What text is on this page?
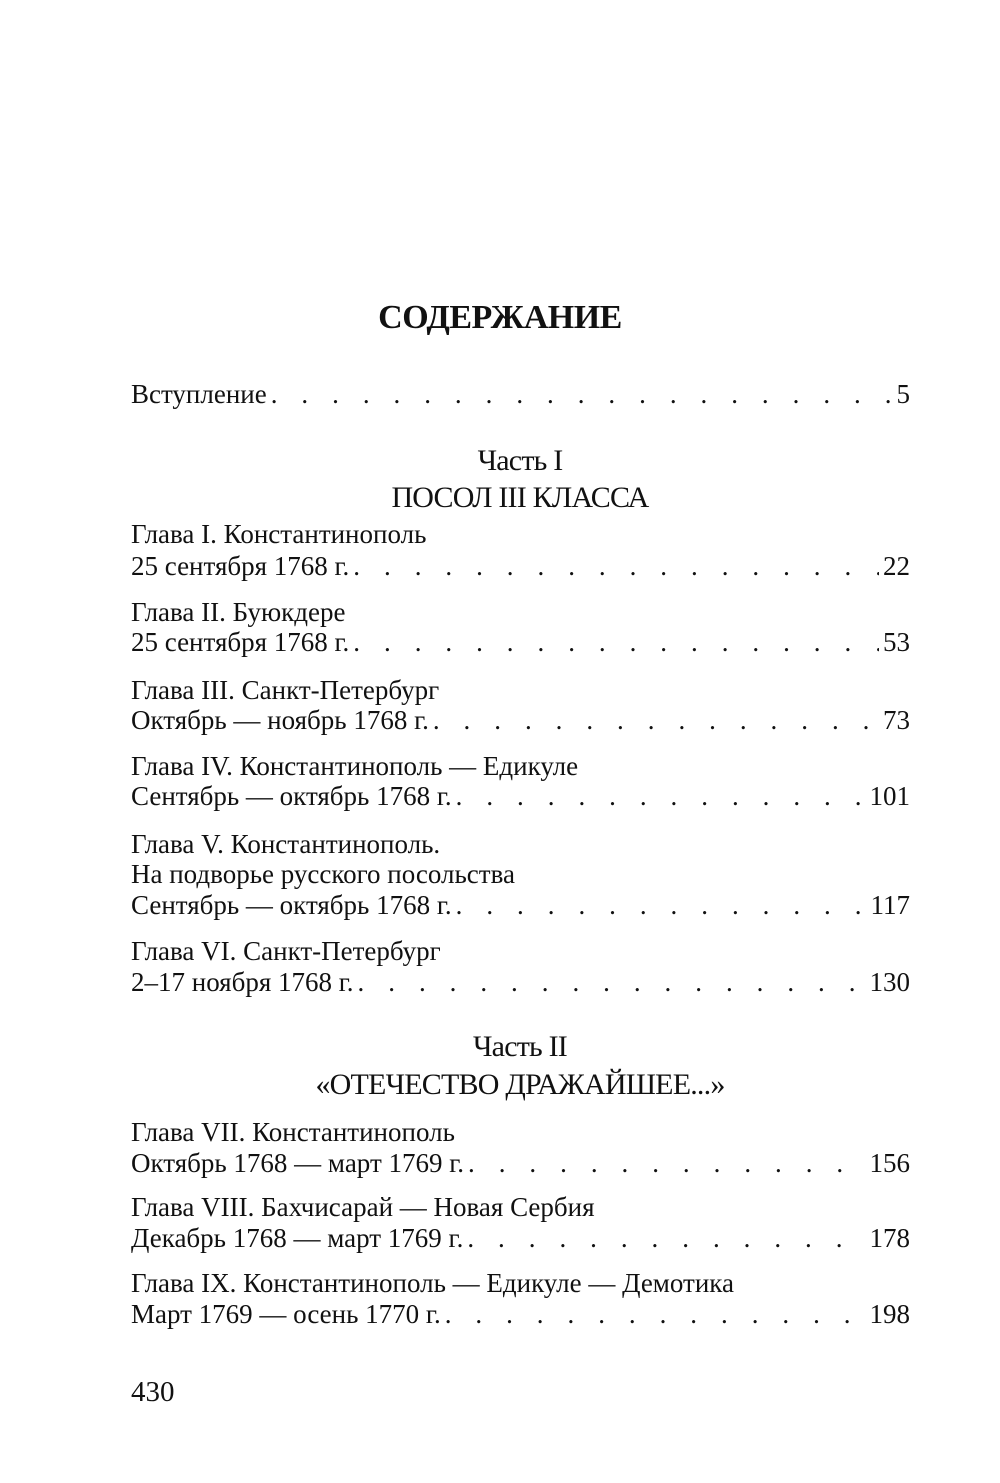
СОДЕРЖАНИЕ
Вступление . . .	5
Часть I
ПОСОЛ III КЛАССА
Глава I. Константинополь
25 сентября 1768 г. . . .	22
Глава II. Буюкдере
25 сентября 1768 г. . . .	53
Глава III. Санкт-Петербург
Октябрь — ноябрь 1768 г. . . .	73
Глава IV. Константинополь — Едикуле
Сентябрь — октябрь 1768 г. . . .	101
Глава V. Константинополь.
На подворье русского посольства
Сентябрь — октябрь 1768 г. . . .	117
Глава VI. Санкт-Петербург
2–17 ноября 1768 г. . . .	130
Часть II
«ОТЕЧЕСТВО ДРАЖАЙШЕЕ...»
Глава VII. Константинополь
Октябрь 1768 — март 1769 г. . . .	156
Глава VIII. Бахчисарай — Новая Сербия
Декабрь 1768 — март 1769 г. . . .	178
Глава IX. Константинополь — Едикуле — Демотика
Март 1769 — осень 1770 г. . . .	198
430
